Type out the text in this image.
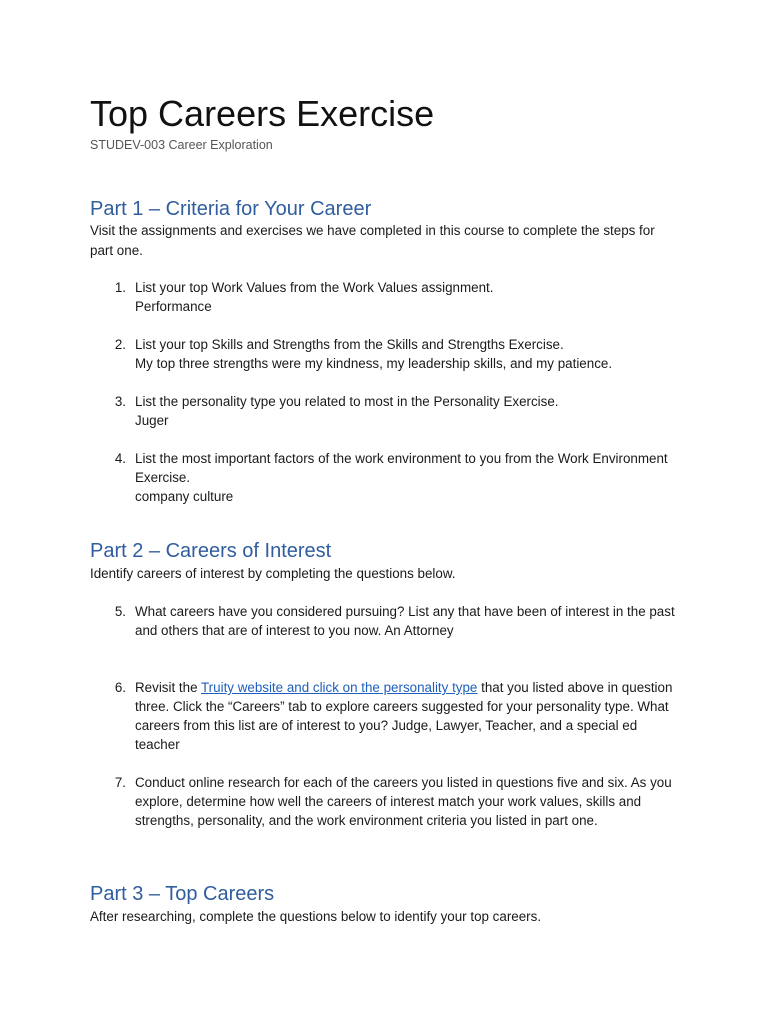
Top Careers Exercise
STUDEV-003 Career Exploration
Part 1 – Criteria for Your Career
Visit the assignments and exercises we have completed in this course to complete the steps for part one.
1. List your top Work Values from the Work Values assignment.
Performance
2. List your top Skills and Strengths from the Skills and Strengths Exercise.
My top three strengths were my kindness, my leadership skills, and my patience.
3. List the personality type you related to most in the Personality Exercise.
Juger
4. List the most important factors of the work environment to you from the Work Environment Exercise.
company culture
Part 2 – Careers of Interest
Identify careers of interest by completing the questions below.
5. What careers have you considered pursuing? List any that have been of interest in the past and others that are of interest to you now. An Attorney
6. Revisit the Truity website and click on the personality type that you listed above in question three. Click the “Careers” tab to explore careers suggested for your personality type. What careers from this list are of interest to you? Judge, Lawyer, Teacher, and a special ed teacher
7. Conduct online research for each of the careers you listed in questions five and six. As you explore, determine how well the careers of interest match your work values, skills and strengths, personality, and the work environment criteria you listed in part one.
Part 3 – Top Careers
After researching, complete the questions below to identify your top careers.
